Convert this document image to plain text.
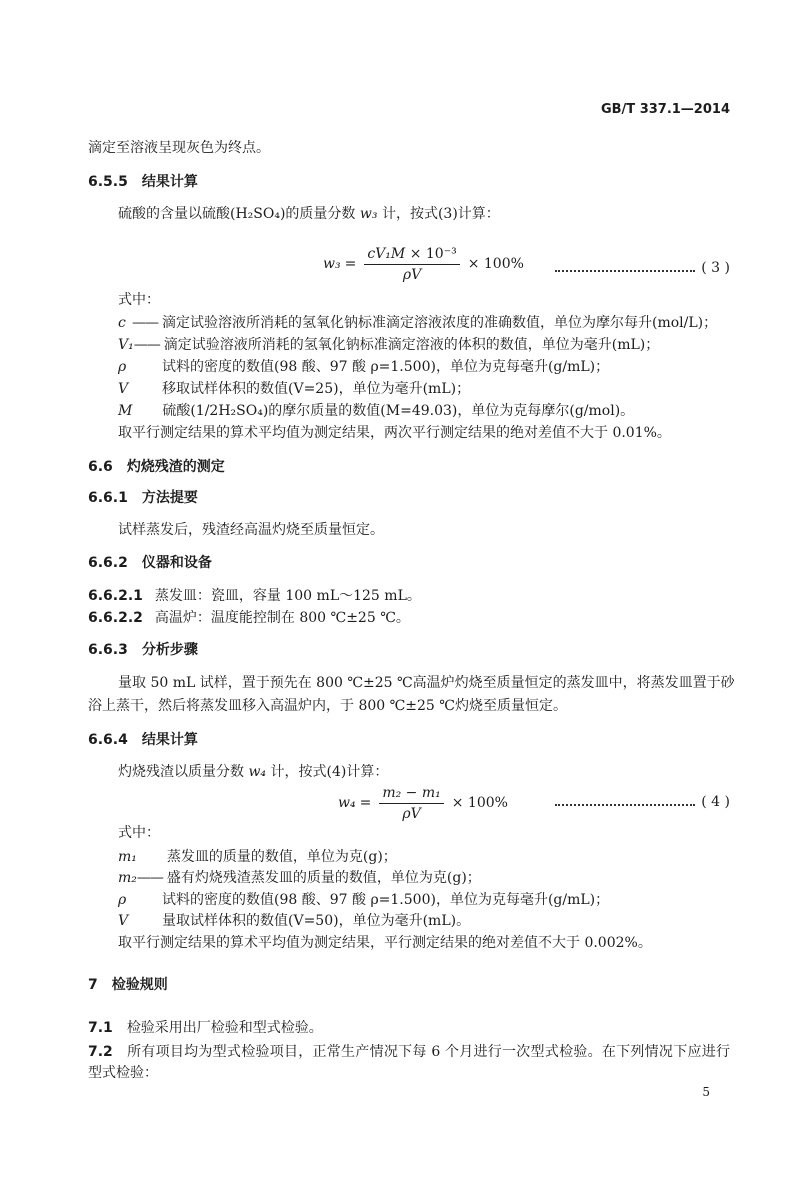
GB/T 337.1—2014
滴定至溶液呈现灰色为终点。
6.5.5 结果计算
硫酸的含量以硫酸(H₂SO₄)的质量分数 w₃ 计，按式(3)计算：
$w_3 = \frac{\text{cV₁M × 10⁻³}}{\rho V} \times 100\%$	( 3 )
式中：
c —— 滴定试验溶液所消耗的氢氧化钠标准滴定溶液浓度的准确数值，单位为摩尔每升(mol/L)；
V₁—— 滴定试验溶液所消耗的氢氧化钠标准滴定溶液的体积的数值，单位为毫升(mL)；
ρ	试料的密度的数值(98 酸、97 酸 ρ=1.500)，单位为克每毫升(g/mL)；
V 移取试样体积的数值(V=25)，单位为毫升(mL)；
M 硫酸(1/2H₂SO₄)的摩尔质量的数值(M=49.03)，单位为克每摩尔(g/mol)。
取平行测定结果的算术平均值为测定结果，两次平行测定结果的绝对差值不大于 0.01%。
6.6 灼烧残渣的测定
6.6.1 方法提要
试样蒸发后，残渣经高温灼烧至质量恒定。
6.6.2 仪器和设备
6.6.2.1 蒸发皿：瓷皿，容量 100 mL～125 mL。
6.6.2.2 高温炉：温度能控制在 800 ℃±25 ℃。
6.6.3 分析步骤
量取 50 mL 试样，置于预先在 800 ℃±25 ℃高温炉灼烧至质量恒定的蒸发皿中，将蒸发皿置于砂
浴上蒸干，然后将蒸发皿移入高温炉内，于 800 ℃±25 ℃灼烧至质量恒定。
6.6.4 结果计算
灼烧残渣以质量分数 w₄ 计，按式(4)计算：
$w_4 = \frac{\text{m₂ − m₁}}{\rho V} \times 100\%$	( 4 )
式中：
m₁ 蒸发皿的质量的数值，单位为克(g)；
m₂—— 盛有灼烧残渣蒸发皿的质量的数值，单位为克(g)；
ρ	试料的密度的数值(98 酸、97 酸 ρ=1.500)，单位为克每毫升(g/mL)；
V 量取试样体积的数值(V=50)，单位为毫升(mL)。
取平行测定结果的算术平均值为测定结果，平行测定结果的绝对差值不大于 0.002%。
7 检验规则
7.1 检验采用出厂检验和型式检验。
7.2 所有项目均为型式检验项目，正常生产情况下每 6 个月进行一次型式检验。在下列情况下应进行
型式检验：
5
